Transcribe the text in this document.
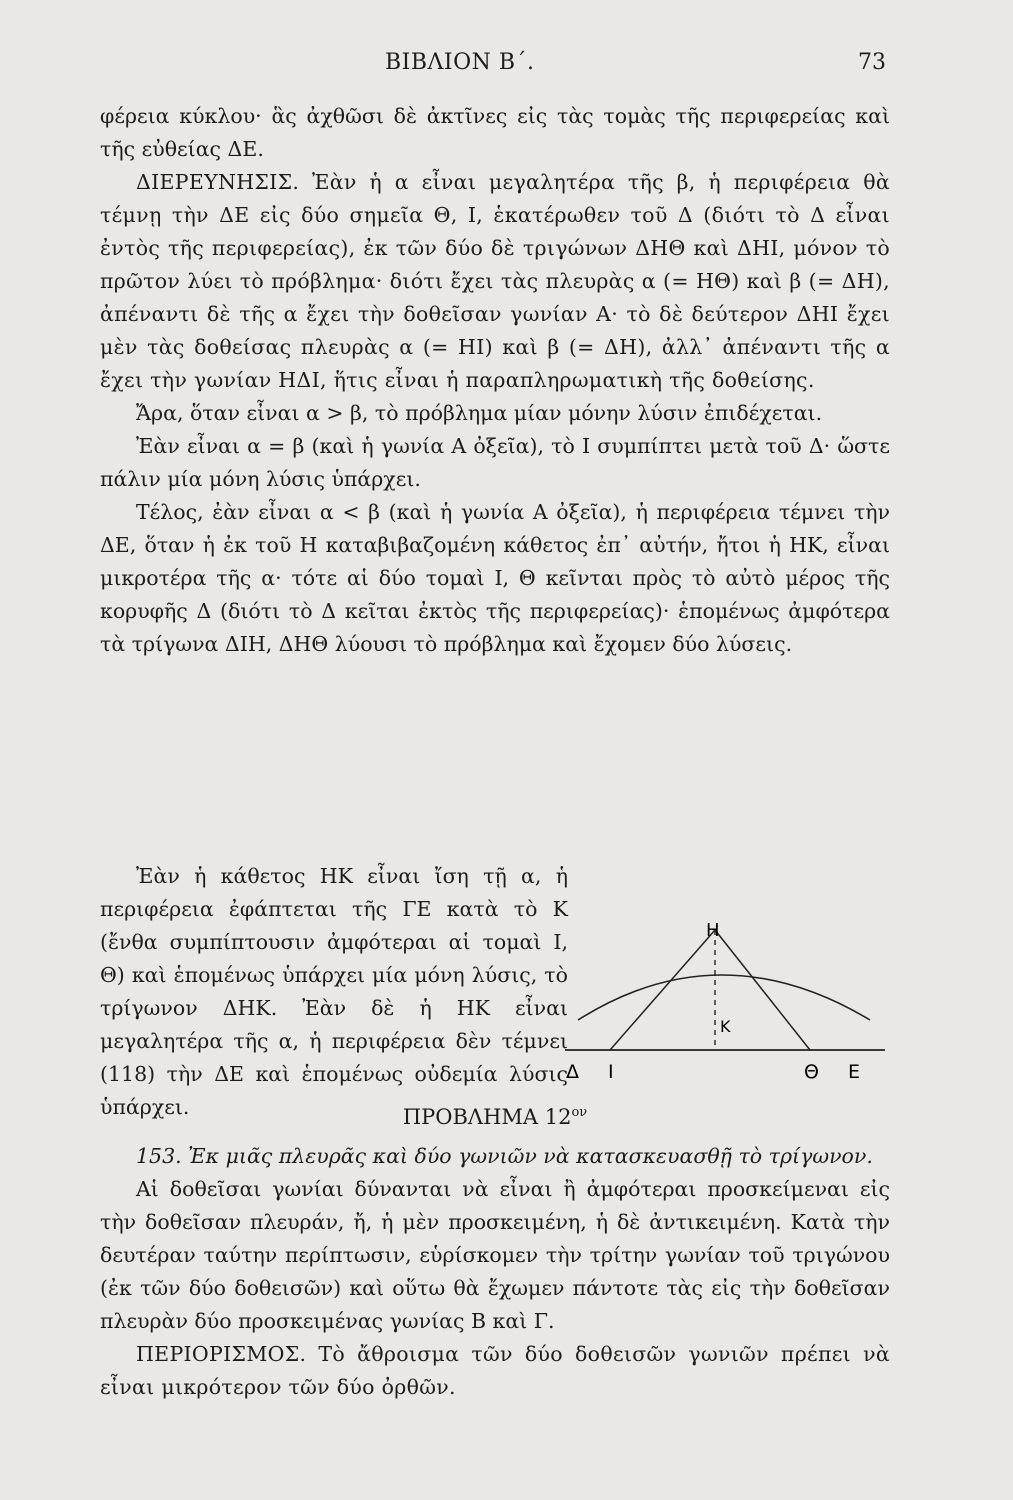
ΒΙΒΛΙΟΝ Β΄.	73

φέρεια κύκλου· ἃς ἀχθῶσι δὲ ἀκτῖνες εἰς τὰς τομὰς τῆς περιφερείας καὶ τῆς εὐθείας ΔΕ.

ΔΙΕΡΕΥΝΗΣΙΣ. Ἐὰν ἡ α εἶναι μεγαλητέρα τῆς β, ἡ περιφέρεια θὰ τέμνῃ τὴν ΔΕ εἰς δύο σημεῖα Θ, Ι, ἑκατέρωθεν τοῦ Δ (διότι τὸ Δ εἶναι ἐντὸς τῆς περιφερείας), ἐκ τῶν δύο δὲ τριγώνων ΔΗΘ καὶ ΔΗΙ, μόνον τὸ πρῶτον λύει τὸ πρόβλημα· διότι ἔχει τὰς πλευρὰς α (= ΗΘ) καὶ β (= ΔΗ), ἀπέναντι δὲ τῆς α ἔχει τὴν δοθεῖσαν γωνίαν Α· τὸ δὲ δεύτερον ΔΗΙ ἔχει μὲν τὰς δοθείσας πλευρὰς α (= ΗΙ) καὶ β (= ΔΗ), ἀλλ᾽ ἀπέναντι τῆς α ἔχει τὴν γωνίαν ΗΔΙ, ἥτις εἶναι ἡ παραπληρωματικὴ τῆς δοθείσης.

Ἄρα, ὅταν εἶναι α > β, τὸ πρόβλημα μίαν μόνην λύσιν ἐπιδέχεται.

Ἐὰν εἶναι α = β (καὶ ἡ γωνία Α ὀξεῖα), τὸ Ι συμπίπτει μετὰ τοῦ Δ· ὥστε πάλιν μία μόνη λύσις ὑπάρχει.

Τέλος, ἐὰν εἶναι α < β (καὶ ἡ γωνία Α ὀξεῖα), ἡ περιφέρεια τέμνει τὴν ΔΕ, ὅταν ἡ ἐκ τοῦ Η καταβιβαζομένη κάθετος ἐπ᾽ αὐτήν, ἤτοι ἡ ΗΚ, εἶναι μικροτέρα τῆς α· τότε αἱ δύο τομαὶ Ι, Θ κεῖνται πρὸς τὸ αὐτὸ μέρος τῆς κορυφῆς Δ (διότι τὸ Δ κεῖται ἐκτὸς τῆς περιφερείας)· ἑπομένως ἀμφότερα τὰ τρίγωνα ΔΙΗ, ΔΗΘ λύουσι τὸ πρόβλημα καὶ ἔχομεν δύο λύσεις.

Ἐὰν ἡ κάθετος ΗΚ εἶναι ἴση τῇ α, ἡ περιφέρεια ἐφάπτεται τῆς ΓΕ κατὰ τὸ Κ (ἔνθα συμπίπτουσιν ἀμφότεραι αἱ τομαὶ Ι, Θ) καὶ ἑπομένως ὑπάρχει μία μόνη λύσις, τὸ τρίγωνον ΔΗΚ. Ἐὰν δὲ ἡ ΗΚ εἶναι μεγαλητέρα τῆς α, ἡ περιφέρεια δὲν τέμνει (118) τὴν ΔΕ καὶ ἑπομένως οὐδεμία λύσις ὑπάρχει.

H
K
Δ I	Θ E
ΠΡΟΒΛΗΜΑ $12^{o\nu}$

153. Ἐκ μιᾶς πλευρᾶς καὶ δύο γωνιῶν νὰ κατασκευασθῇ τὸ τρίγωνον.

Αἱ δοθεῖσαι γωνίαι δύνανται νὰ εἶναι ἢ ἀμφότεραι προσκείμεναι εἰς τὴν δοθεῖσαν πλευράν, ἤ, ἡ μὲν προσκειμένη, ἡ δὲ ἀντικειμένη. Κατὰ τὴν δευτέραν ταύτην περίπτωσιν, εὑρίσκομεν τὴν τρίτην γωνίαν τοῦ τριγώνου (ἐκ τῶν δύο δοθεισῶν) καὶ οὕτω θὰ ἔχωμεν πάντοτε τὰς εἰς τὴν δοθεῖσαν πλευρὰν δύο προσκειμένας γωνίας Β καὶ Γ.

ΠΕΡΙΟΡΙΣΜΟΣ. Τὸ ἄθροισμα τῶν δύο δοθεισῶν γωνιῶν πρέπει νὰ εἶναι μικρότερον τῶν δύο ὀρθῶν.
